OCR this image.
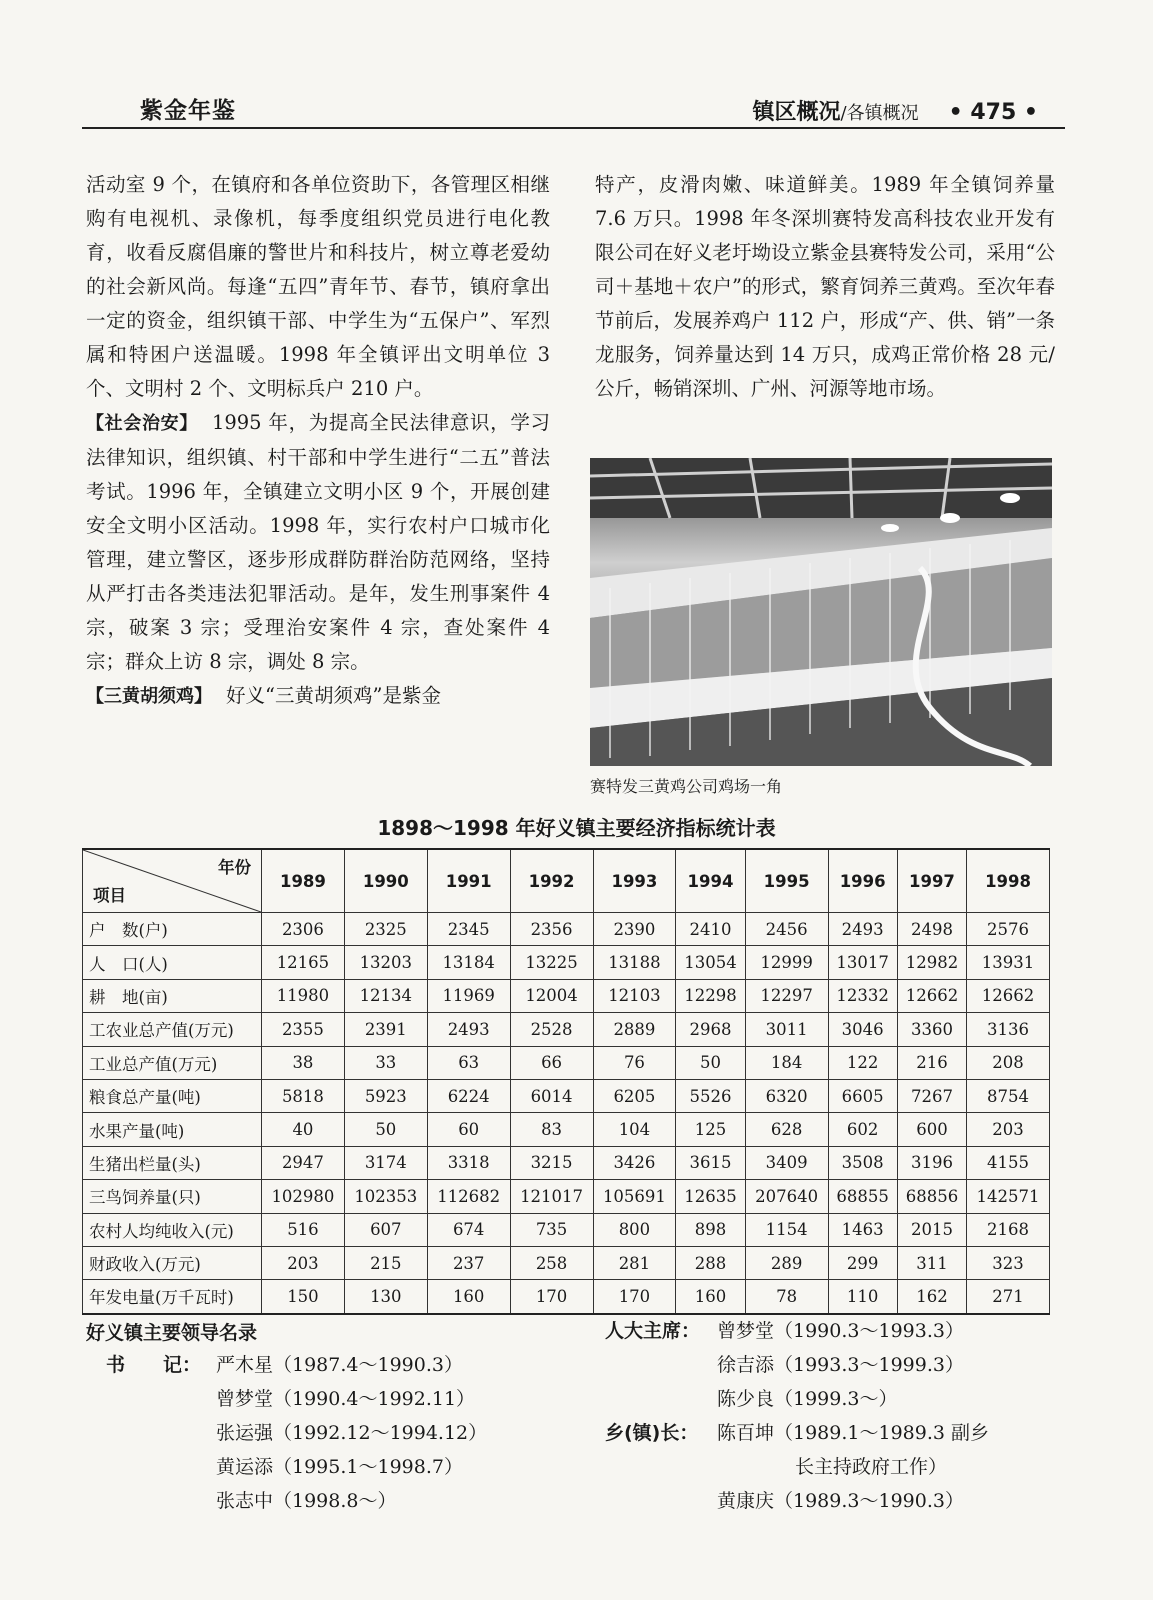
紫金年鉴	镇区概况/各镇概况 • 475 •

活动室 9 个，在镇府和各单位资助下，各管理区相继购有电视机、录像机，每季度组织党员进行电化教育，收看反腐倡廉的警世片和科技片，树立尊老爱幼的社会新风尚。每逢“五四”青年节、春节，镇府拿出一定的资金，组织镇干部、中学生为“五保户”、军烈属和特困户送温暖。1998 年全镇评出文明单位 3 个、文明村 2 个、文明标兵户 210 户。

【社会治安】 1995 年，为提高全民法律意识，学习法律知识，组织镇、村干部和中学生进行“二五”普法考试。1996 年，全镇建立文明小区 9 个，开展创建安全文明小区活动。1998 年，实行农村户口城市化管理，建立警区，逐步形成群防群治防范网络，坚持从严打击各类违法犯罪活动。是年，发生刑事案件 4 宗，破案 3 宗；受理治安案件 4 宗，查处案件 4 宗；群众上访 8 宗，调处 8 宗。

【三黄胡须鸡】 好义“三黄胡须鸡”是紫金

特产，皮滑肉嫩、味道鲜美。1989 年全镇饲养量 7.6 万只。1998 年冬深圳赛特发高科技农业开发有限公司在好义老圩坳设立紫金县赛特发公司，采用“公司＋基地＋农户”的形式，繁育饲养三黄鸡。至次年春节前后，发展养鸡户 112 户，形成“产、供、销”一条龙服务，饲养量达到 14 万只，成鸡正常价格 28 元/公斤，畅销深圳、广州、河源等地市场。

赛特发三黄鸡公司鸡场一角
1898～1998 年好义镇主要经济指标统计表
年份
项目	1989	1990	1991	1992	1993	1994	1995	1996	1997	1998
户　数(户)	2306	2325	2345	2356	2390	2410	2456	2493	2498	2576
人　口(人)	12165	13203	13184	13225	13188	13054	12999	13017	12982	13931
耕　地(亩)	11980	12134	11969	12004	12103	12298	12297	12332	12662	12662
工农业总产值(万元)	2355	2391	2493	2528	2889	2968	3011	3046	3360	3136
工业总产值(万元)	38	33	63	66	76	50	184	122	216	208
粮食总产量(吨)	5818	5923	6224	6014	6205	5526	6320	6605	7267	8754
水果产量(吨)	40	50	60	83	104	125	628	602	600	203
生猪出栏量(头)	2947	3174	3318	3215	3426	3615	3409	3508	3196	4155
三鸟饲养量(只)	102980	102353	112682	121017	105691	12635	207640	68855	68856	142571
农村人均纯收入(元)	516	607	674	735	800	898	1154	1463	2015	2168
财政收入(万元)	203	215	237	258	281	288	289	299	311	323
年发电量(万千瓦时)	150	130	160	170	170	160	78	110	162	271
好义镇主要领导名录
书　　记： 严木星（1987.4～1990.3）
曾梦堂（1990.4～1992.11）
张运强（1992.12～1994.12）
黄运添（1995.1～1998.7）
张志中（1998.8～）
人大主席： 曾梦堂（1990.3～1993.3）
徐吉添（1993.3～1999.3）
陈少良（1999.3～）
乡(镇)长： 陈百坤（1989.1～1989.3 副乡
长主持政府工作）
黄康庆（1989.3～1990.3）
